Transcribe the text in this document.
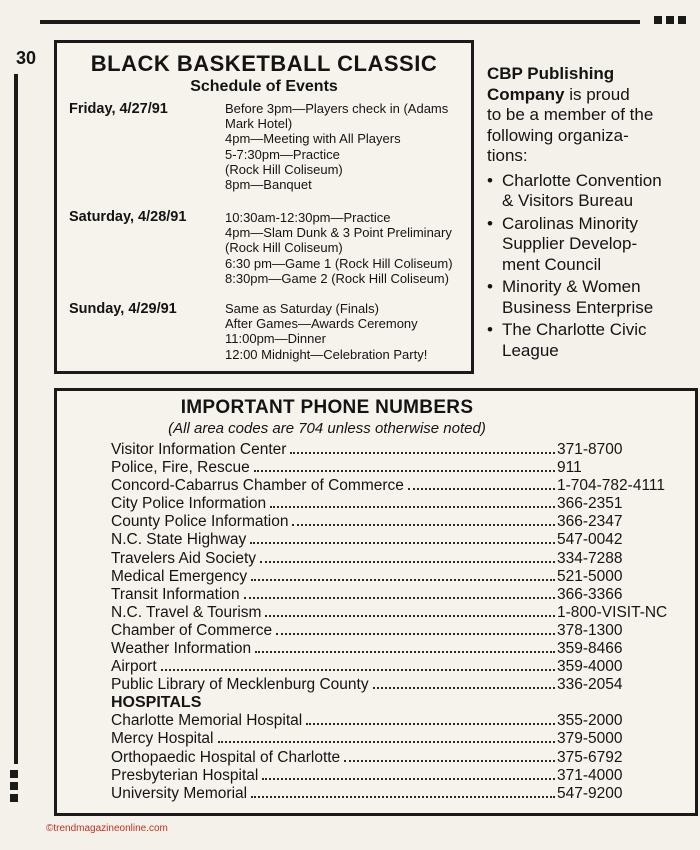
30	BLACK BASKETBALL CLASSIC
Schedule of Events
Friday, 4/27/91	Before 3pm—Players check in (Adams
Mark Hotel)
4pm—Meeting with All Players
5-7:30pm—Practice
(Rock Hill Coliseum)
8pm—Banquet
Saturday, 4/28/91	10:30am-12:30pm—Practice
4pm—Slam Dunk & 3 Point Preliminary
(Rock Hill Coliseum)
6:30 pm—Game 1 (Rock Hill Coliseum)
8:30pm—Game 2 (Rock Hill Coliseum)
Sunday, 4/29/91	Same as Saturday (Finals)
After Games—Awards Ceremony
11:00pm—Dinner
12:00 Midnight—Celebration Party!
CBP Publishing
Company is proud
to be a member of the
following organiza-
tions:
• Charlotte Convention
& Visitors Bureau
• Carolinas Minority
Supplier Develop-
ment Council
• Minority & Women
Business Enterprise
• The Charlotte Civic
League
IMPORTANT PHONE NUMBERS
(All area codes are 704 unless otherwise noted)
Visitor Information Center	371-8700
Police, Fire, Rescue	911
Concord-Cabarrus Chamber of Commerce	1-704-782-4111
City Police Information	366-2351
County Police Information	366-2347
N.C. State Highway	547-0042
Travelers Aid Society	334-7288
Medical Emergency	521-5000
Transit Information	366-3366
N.C. Travel & Tourism	1-800-VISIT-NC
Chamber of Commerce	378-1300
Weather Information	359-8466
Airport	359-4000
Public Library of Mecklenburg County	336-2054
HOSPITALS
Charlotte Memorial Hospital	355-2000
Mercy Hospital	379-5000
Orthopaedic Hospital of Charlotte	375-6792
Presbyterian Hospital	371-4000
University Memorial	547-9200
©trendmagazineonline.com
